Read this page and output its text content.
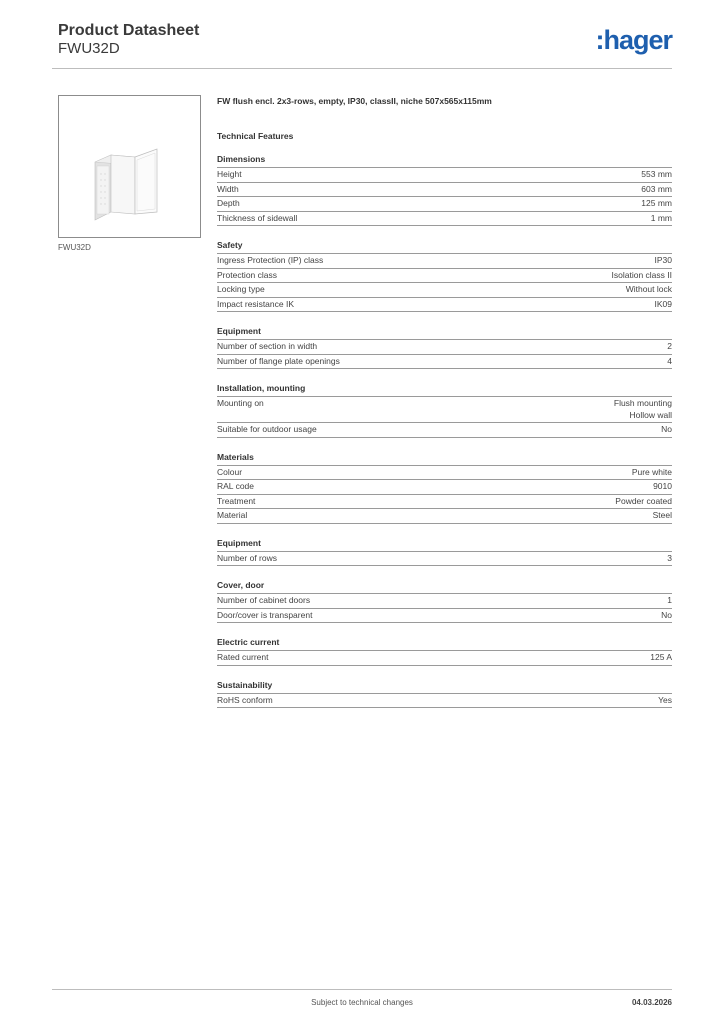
Product Datasheet
FWU32D	:hager
FWU32D
FW flush encl. 2x3-rows, empty, IP30, classII, niche 507x565x115mm
Technical Features
Dimensions
Height	553 mm
Width	603 mm
Depth	125 mm
Thickness of sidewall	1 mm
Safety
Ingress Protection (IP) class	IP30
Protection class	Isolation class II
Locking type	Without lock
Impact resistance IK	IK09
Equipment
Number of section in width	2
Number of flange plate openings	4
Installation, mounting
Mounting on	Flush mounting
Hollow wall
Suitable for outdoor usage	No
Materials
Colour	Pure white
RAL code	9010
Treatment	Powder coated
Material	Steel
Equipment
Number of rows	3
Cover, door
Number of cabinet doors	1
Door/cover is transparent	No
Electric current
Rated current	125 A
Sustainability
RoHS conform	Yes
Subject to technical changes	04.03.2026
